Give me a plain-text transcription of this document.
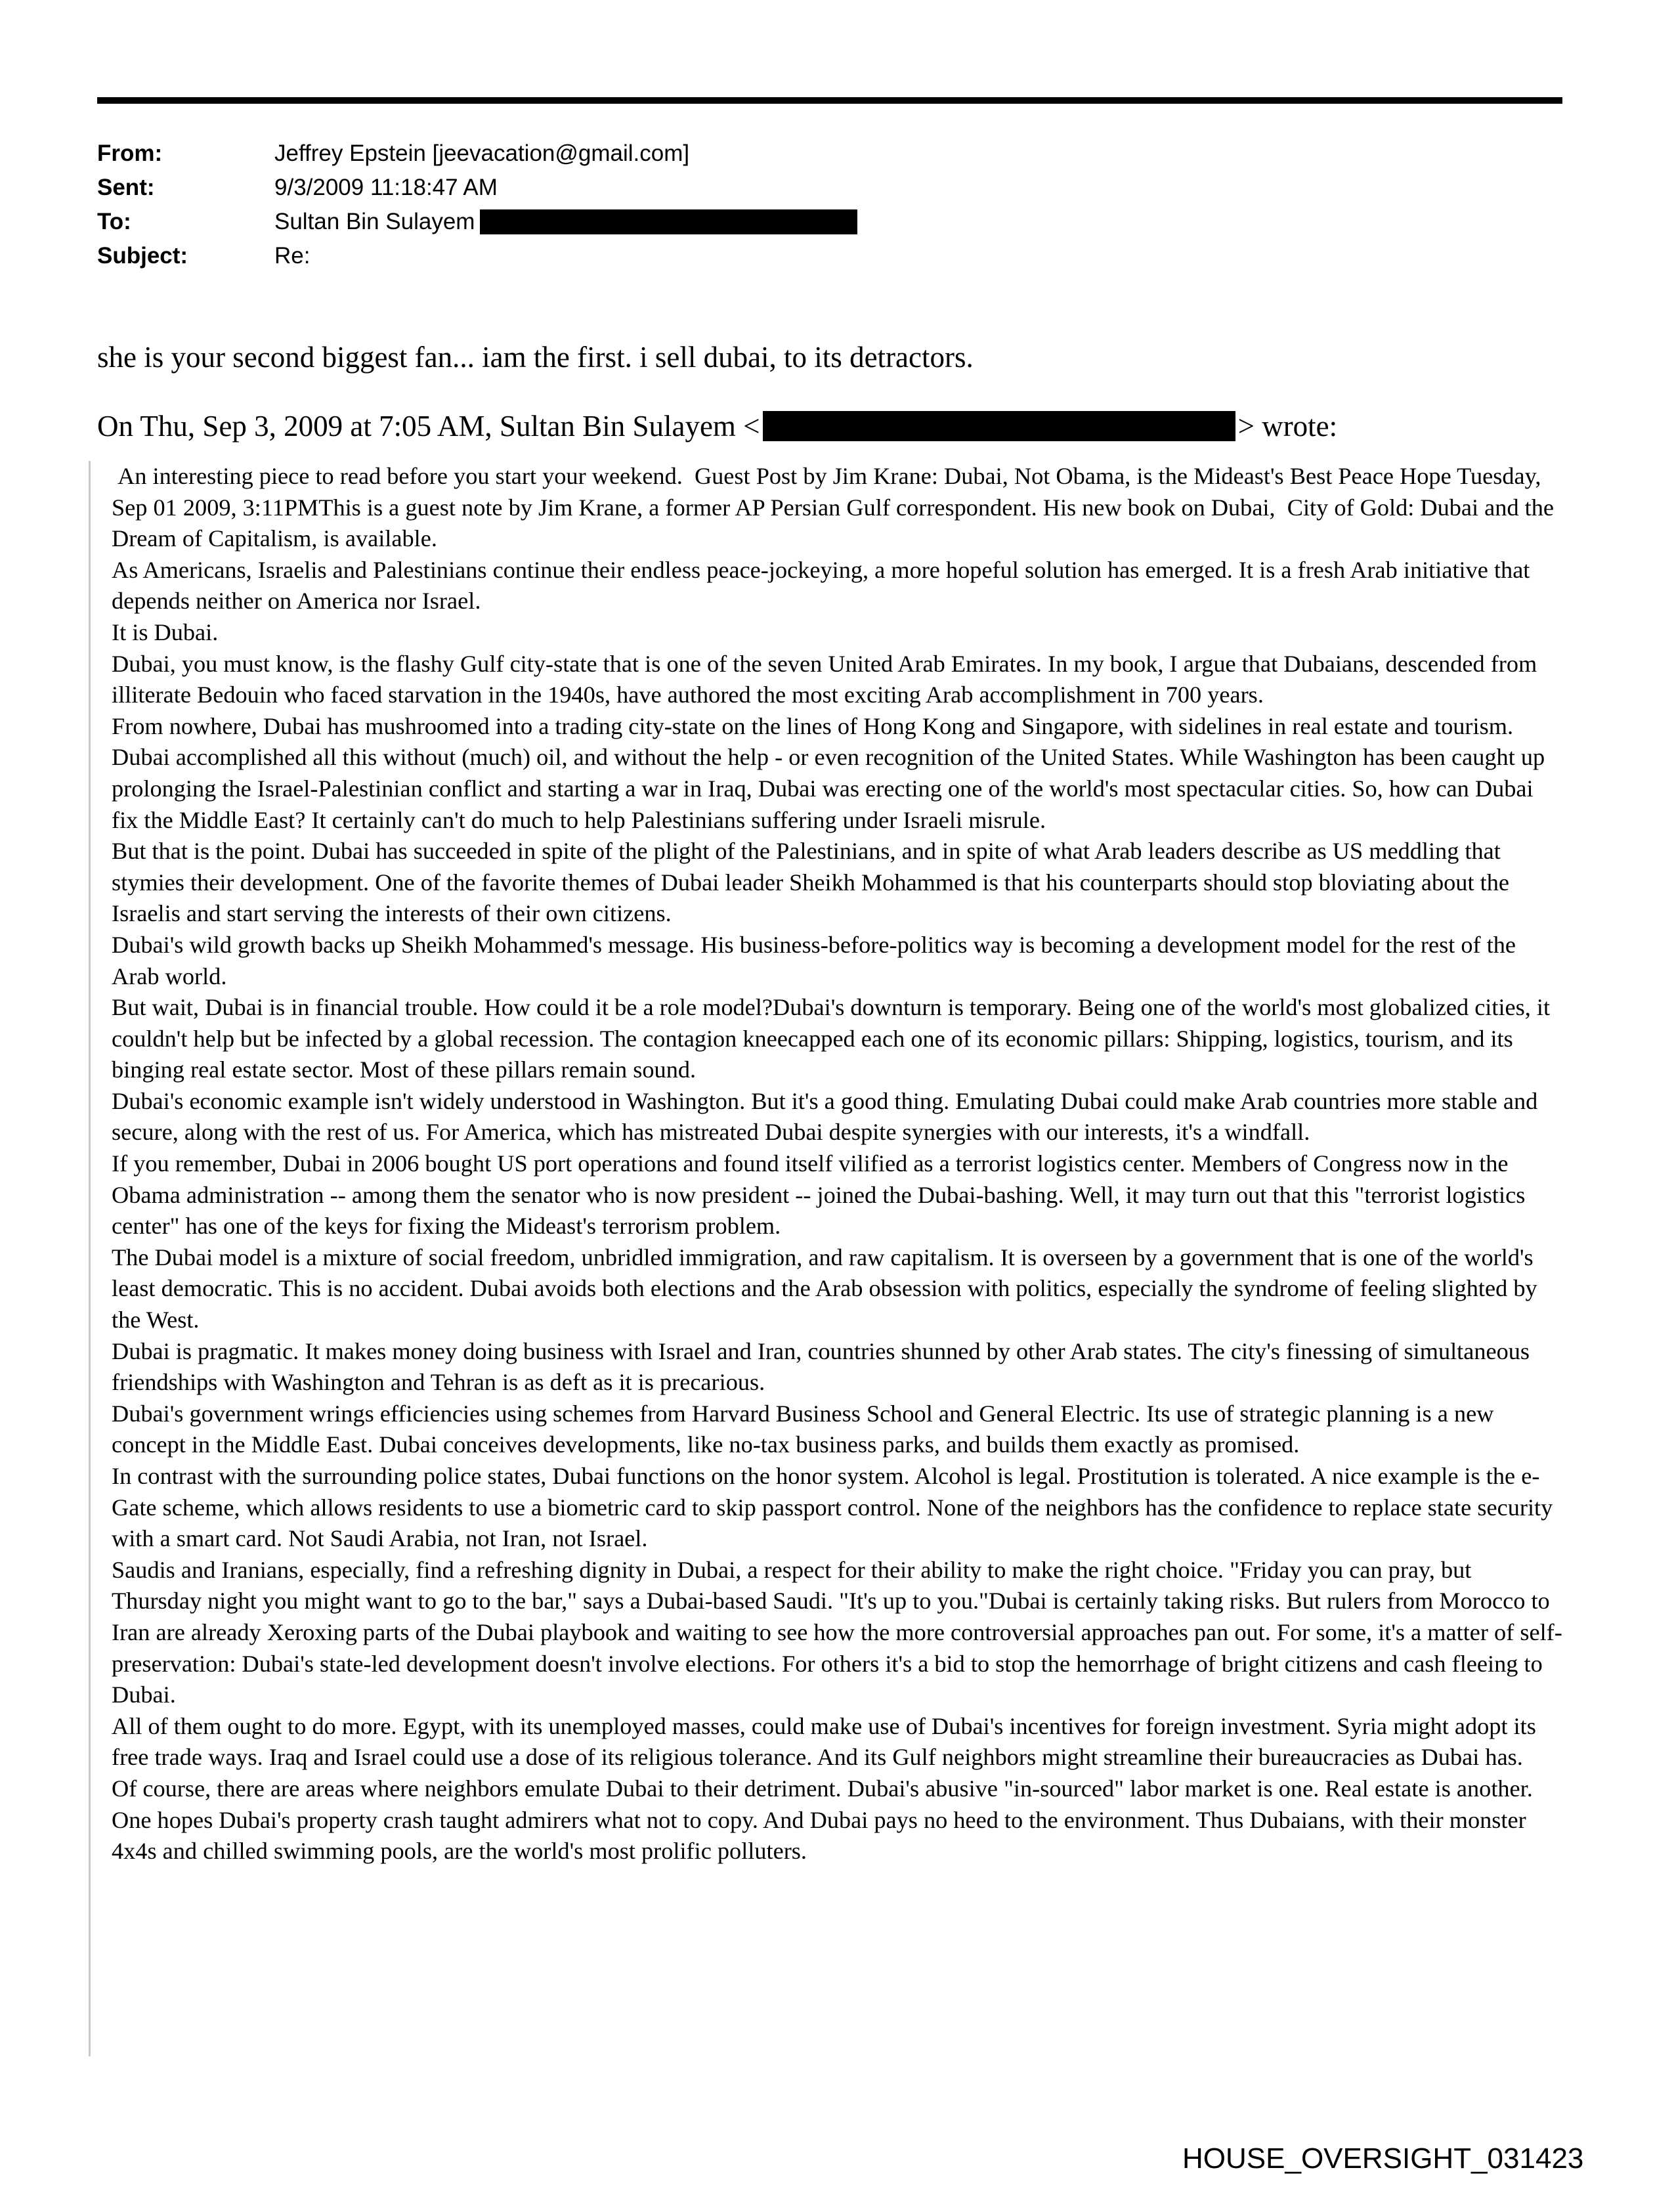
From:	Jeffrey Epstein [jeevacation@gmail.com]
Sent:	9/3/2009 11:18:47 AM
To:	Sultan Bin Sulayem
Subject:	Re:
she is your second biggest fan... iam the first. i sell dubai, to its detractors.
On Thu, Sep 3, 2009 at 7:05 AM, Sultan Bin Sulayem <	> wrote:

An interesting piece to read before you start your weekend.  Guest Post by Jim Krane: Dubai, Not Obama, is the Mideast's Best Peace Hope Tuesday, Sep 01 2009, 3:11PMThis is a guest note by Jim Krane, a former AP Persian Gulf correspondent. His new book on Dubai,  City of Gold: Dubai and the Dream of Capitalism, is available.

As Americans, Israelis and Palestinians continue their endless peace-jockeying, a more hopeful solution has emerged. It is a fresh Arab initiative that depends neither on America nor Israel.

It is Dubai.

Dubai, you must know, is the flashy Gulf city-state that is one of the seven United Arab Emirates. In my book, I argue that Dubaians, descended from illiterate Bedouin who faced starvation in the 1940s, have authored the most exciting Arab accomplishment in 700 years.

From nowhere, Dubai has mushroomed into a trading city-state on the lines of Hong Kong and Singapore, with sidelines in real estate and tourism.

Dubai accomplished all this without (much) oil, and without the help - or even recognition of the United States. While Washington has been caught up prolonging the Israel-Palestinian conflict and starting a war in Iraq, Dubai was erecting one of the world's most spectacular cities. So, how can Dubai fix the Middle East? It certainly can't do much to help Palestinians suffering under Israeli misrule.

But that is the point. Dubai has succeeded in spite of the plight of the Palestinians, and in spite of what Arab leaders describe as US meddling that stymies their development. One of the favorite themes of Dubai leader Sheikh Mohammed is that his counterparts should stop bloviating about the Israelis and start serving the interests of their own citizens.

Dubai's wild growth backs up Sheikh Mohammed's message. His business-before-politics way is becoming a development model for the rest of the Arab world.

But wait, Dubai is in financial trouble. How could it be a role model?Dubai's downturn is temporary. Being one of the world's most globalized cities, it couldn't help but be infected by a global recession. The contagion kneecapped each one of its economic pillars: Shipping, logistics, tourism, and its binging real estate sector. Most of these pillars remain sound.

Dubai's economic example isn't widely understood in Washington. But it's a good thing. Emulating Dubai could make Arab countries more stable and secure, along with the rest of us. For America, which has mistreated Dubai despite synergies with our interests, it's a windfall.

If you remember, Dubai in 2006 bought US port operations and found itself vilified as a terrorist logistics center. Members of Congress now in the Obama administration -- among them the senator who is now president -- joined the Dubai-bashing. Well, it may turn out that this "terrorist logistics center" has one of the keys for fixing the Mideast's terrorism problem.

The Dubai model is a mixture of social freedom, unbridled immigration, and raw capitalism. It is overseen by a government that is one of the world's least democratic. This is no accident. Dubai avoids both elections and the Arab obsession with politics, especially the syndrome of feeling slighted by the West.

Dubai is pragmatic. It makes money doing business with Israel and Iran, countries shunned by other Arab states. The city's finessing of simultaneous friendships with Washington and Tehran is as deft as it is precarious.

Dubai's government wrings efficiencies using schemes from Harvard Business School and General Electric. Its use of strategic planning is a new concept in the Middle East. Dubai conceives developments, like no-tax business parks, and builds them exactly as promised.

In contrast with the surrounding police states, Dubai functions on the honor system. Alcohol is legal. Prostitution is tolerated. A nice example is the e-Gate scheme, which allows residents to use a biometric card to skip passport control. None of the neighbors has the confidence to replace state security with a smart card. Not Saudi Arabia, not Iran, not Israel.

Saudis and Iranians, especially, find a refreshing dignity in Dubai, a respect for their ability to make the right choice. "Friday you can pray, but Thursday night you might want to go to the bar," says a Dubai-based Saudi. "It's up to you."Dubai is certainly taking risks. But rulers from Morocco to Iran are already Xeroxing parts of the Dubai playbook and waiting to see how the more controversial approaches pan out. For some, it's a matter of self-preservation: Dubai's state-led development doesn't involve elections. For others it's a bid to stop the hemorrhage of bright citizens and cash fleeing to Dubai.

All of them ought to do more. Egypt, with its unemployed masses, could make use of Dubai's incentives for foreign investment. Syria might adopt its free trade ways. Iraq and Israel could use a dose of its religious tolerance. And its Gulf neighbors might streamline their bureaucracies as Dubai has.

Of course, there are areas where neighbors emulate Dubai to their detriment. Dubai's abusive "in-sourced" labor market is one. Real estate is another. One hopes Dubai's property crash taught admirers what not to copy. And Dubai pays no heed to the environment. Thus Dubaians, with their monster 4x4s and chilled swimming pools, are the world's most prolific polluters.

HOUSE_OVERSIGHT_031423
